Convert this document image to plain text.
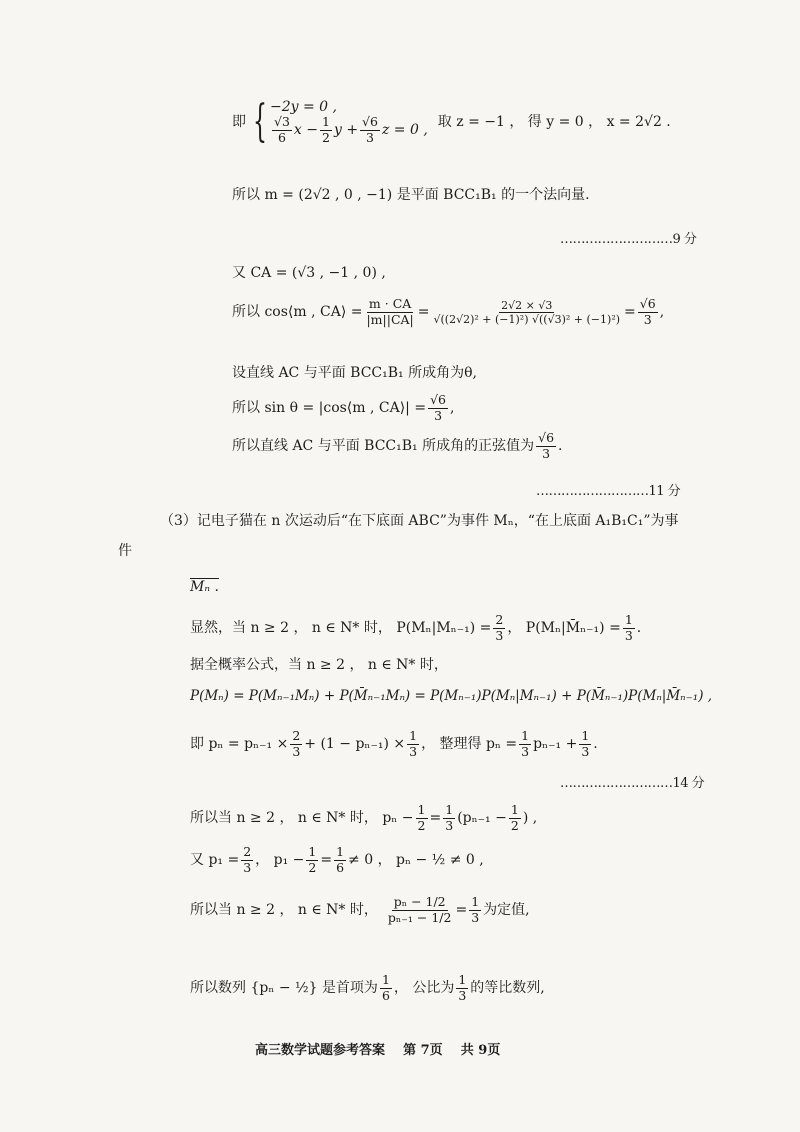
即 { −2y = 0 ,
$\frac{√3}{6}$ $x - \frac{1}{2}$ $y + \frac{√6}{3}$ z = 0 , 取 z = −1 ， 得 y = 0 ， x = 2√2 .
所以 m = (2√2 , 0 , −1) 是平面 BCC₁B₁ 的一个法向量.
………………………9 分
又 CA = (√3 , −1 , 0) ,
所以 cos⟨m , CA⟩ = $\frac{m \cdot CA}{|m||CA|} = \frac{2√2 \times √3}{\text{√((2√2)² + (−1)²) √((√3)² + (−1)²)}} = \frac{√6}{3}$ ,
设直线 AC 与平面 BCC₁B₁ 所成角为θ,
所以 sin θ = |cos⟨m , CA⟩| = $\frac{√6}{3}$ ,
所以直线 AC 与平面 BCC₁B₁ 所成角的正弦值为 $\frac{√6}{3}$ .
………………………11 分
（3）记电子猫在 n 次运动后“在下底面 ABC”为事件 Mₙ，“在上底面 A₁B₁C₁”为事
件
Mₙ .
显然，当 n ≥ 2 ， n ∈ N* 时， $P(M_n|M_{n-1}) = \frac{2}{3}$ ， P(Mₙ|M̄ₙ₋₁) = $\frac{1}{3}$ .
据全概率公式，当 n ≥ 2 ， n ∈ N* 时，
P(Mₙ) = P(Mₙ₋₁Mₙ) + P(M̄ₙ₋₁Mₙ) = P(Mₙ₋₁)P(Mₙ|Mₙ₋₁) + P(M̄ₙ₋₁)P(Mₙ|M̄ₙ₋₁) ,
即 $p_n = p_{n-1} \times \frac{2}{3} + (1 - p_{n-1}) \times \frac{1}{3}$ ， 整理得 $p_n = \frac{1}{3} p_{n-1} + \frac{1}{3}$ .
………………………14 分
所以当 n ≥ 2 ， n ∈ N* 时， $p_n - \frac{1}{2} = \frac{1}{3} (p_{n-1} - \frac{1}{2}$ ) ,
又 $p_1 = \frac{2}{3}$ ， $p_1 - \frac{1}{2} = \frac{1}{6} \ne 0$ ， pₙ − ½ ≠ 0 ,
所以当 n ≥ 2 ， n ∈ N* 时， $\frac{\text{pₙ − 1/2}}{\text{pₙ₋₁ − 1/2}} = \frac{1}{3}$ 为定值,
所以数列 {pₙ − ½} 是首项为 $\frac{1}{6}$ ， 公比为 $\frac{1}{3}$ 的等比数列,
高三数学试题参考答案    第 7页    共 9页
